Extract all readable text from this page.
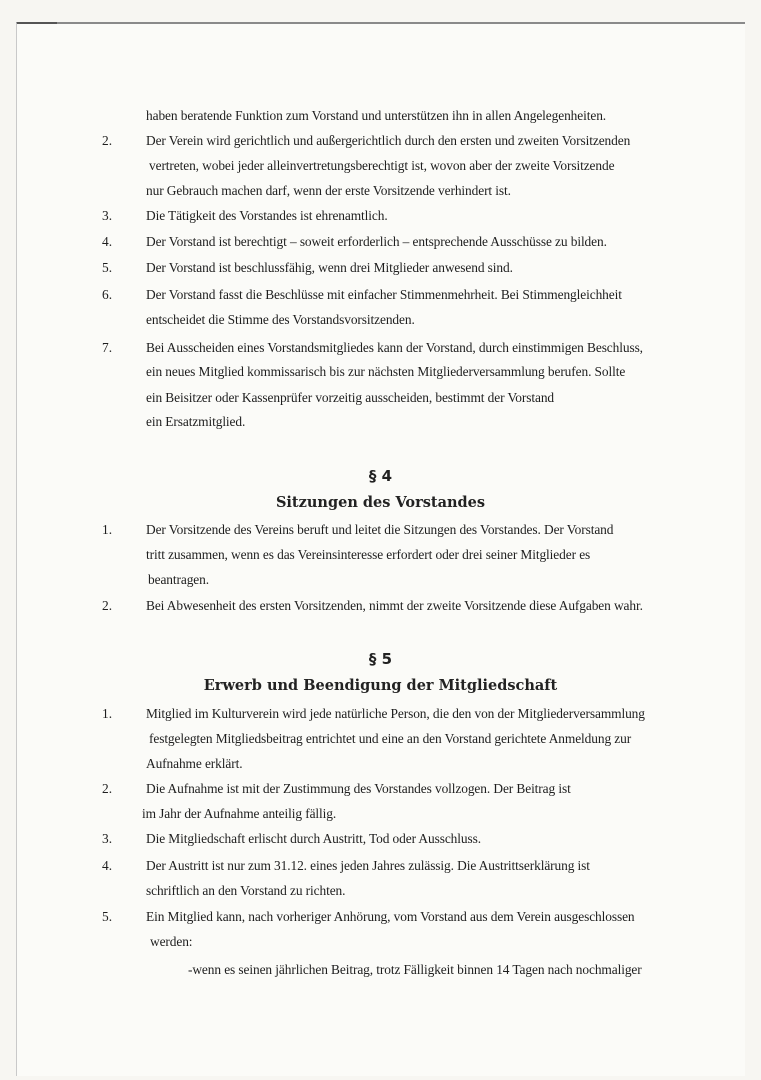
haben beratende Funktion zum Vorstand und unterstützen ihn in allen Angelegenheiten.
2.	Der Verein wird gerichtlich und außergerichtlich durch den ersten und zweiten Vorsitzenden
vertreten, wobei jeder alleinvertretungsberechtigt ist, wovon aber der zweite Vorsitzende
nur Gebrauch machen darf, wenn der erste Vorsitzende verhindert ist.
3.	Die Tätigkeit des Vorstandes ist ehrenamtlich.
4.	Der Vorstand ist berechtigt – soweit erforderlich – entsprechende Ausschüsse zu bilden.
5.	Der Vorstand ist beschlussfähig, wenn drei Mitglieder anwesend sind.
6.	Der Vorstand fasst die Beschlüsse mit einfacher Stimmenmehrheit. Bei Stimmengleichheit
entscheidet die Stimme des Vorstandsvorsitzenden.
7.	Bei Ausscheiden eines Vorstandsmitgliedes kann der Vorstand, durch einstimmigen Beschluss,
ein neues Mitglied kommissarisch bis zur nächsten Mitgliederversammlung berufen. Sollte
ein Beisitzer oder Kassenprüfer vorzeitig ausscheiden, bestimmt der Vorstand
ein Ersatzmitglied.
§ 4
Sitzungen des Vorstandes
1.	Der Vorsitzende des Vereins beruft und leitet die Sitzungen des Vorstandes. Der Vorstand
tritt zusammen, wenn es das Vereinsinteresse erfordert oder drei seiner Mitglieder es
beantragen.
2.	Bei Abwesenheit des ersten Vorsitzenden, nimmt der zweite Vorsitzende diese Aufgaben wahr.
§ 5
Erwerb und Beendigung der Mitgliedschaft
1.	Mitglied im Kulturverein wird jede natürliche Person, die den von der Mitgliederversammlung
festgelegten Mitgliedsbeitrag entrichtet und eine an den Vorstand gerichtete Anmeldung zur
Aufnahme erklärt.
2.	Die Aufnahme ist mit der Zustimmung des Vorstandes vollzogen. Der Beitrag ist
im Jahr der Aufnahme anteilig fällig.
3.	Die Mitgliedschaft erlischt durch Austritt, Tod oder Ausschluss.
4.	Der Austritt ist nur zum 31.12. eines jeden Jahres zulässig. Die Austrittserklärung ist
schriftlich an den Vorstand zu richten.
5.	Ein Mitglied kann, nach vorheriger Anhörung, vom Vorstand aus dem Verein ausgeschlossen
werden:
-wenn es seinen jährlichen Beitrag, trotz Fälligkeit binnen 14 Tagen nach nochmaliger
